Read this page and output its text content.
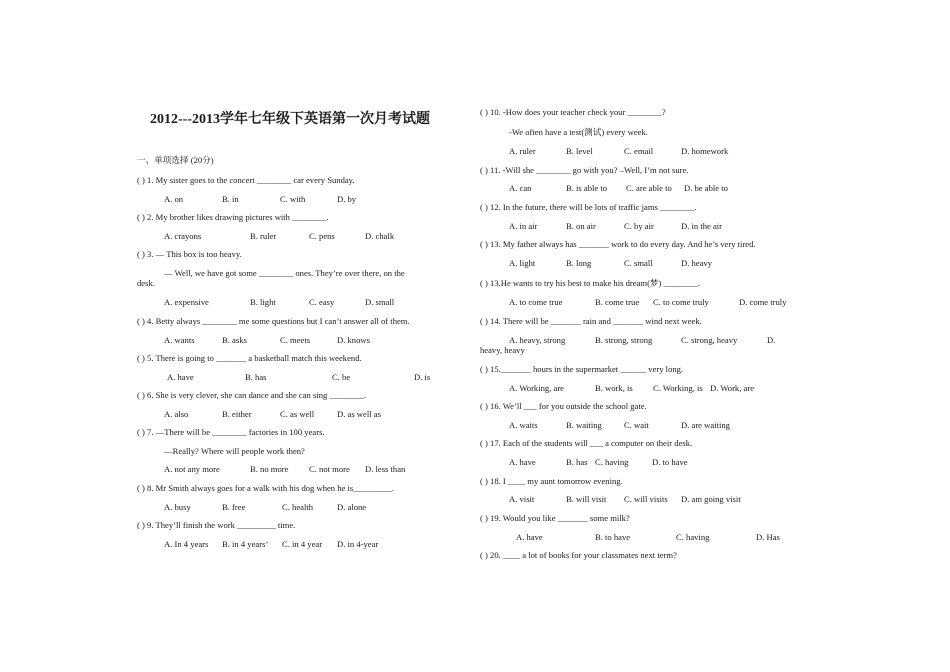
2012---2013学年七年级下英语第一次月考试题
一、单项选择 (20分)
( ) 1. My sister goes to the concert ________ car every Sunday.
A. on	B. in	C. with	D. by
( ) 2. My brother likes drawing pictures with ________.
A. crayons	B. ruler	C. pens	D. chalk
( ) 3. — This box is too heavy.
— Well, we have got some ________ ones. They’re over there, on the
desk.
A. expensive	B. light	C. easy	D. small
( ) 4. Betty always ________ me some questions but I can’t answer all of them.
A. wants	B. asks	C. meets	D. knows
( ) 5. There is going to _______ a basketball match this weekend.
A. have	B. has	C. be	D. is
( ) 6. She is very clever, she can dance and she can sing ________.
A. also	B. either	C. as well	D. as well as
( ) 7. —There will be ________ factories in 100 years.
—Really? Where will people work then?
A. not any more	B. no more C. not more D. less than
( ) 8. Mr Smith always goes for a walk with his dog when he is_________.
A. busy	B. free	C. health	D. alone
( ) 9. They’ll finish the work _________ time.
A. In 4 years B. in 4 years’ C. in 4 year D. in 4-year
( ) 10. -How does your teacher check your ________?
-We often have a test(测试) every week.
A. ruler	B. level	C. email	D. homework
( ) 11. -Will she ________ go with you? –Well, I’m not sure.
A. can	B. is able to C. are able to D. be able to
( ) 12. In the future, there will be lots of traffic jams ________.
A. in air	B. on air	C. by air	D. in the air
( ) 13. My father always has _______ work to do every day. And he’s very tired.
A. light	B. long	C. small	D. heavy
( ) 13.He wants to try his best to make his dream(梦) ________.
A. to come true	B. come true C. to come truly	D. come truly
( ) 14. There will be _______ rain and _______ wind next week.
A. heavy, strong	B. strong, strong	C. strong, heavy	D.
heavy, heavy
( ) 15._______ hours in the supermarket ______ very long.
A. Working, are	B. work, is C. Working, is D. Work, are
( ) 16. We’ll ___ for you outside the school gate.
A. waits	B. waiting	C. wait	D. are waiting
( ) 17. Each of the students will ___ a computer on their desk.
A. have	B. has C. having	D. to have
( ) 18. I ____ my aunt tomorrow evening.
A. visit	B. will visit C. will visits D. am going visit
( ) 19. Would you like _______ some milk?
A. have	B. to have	C. having	D. Has
( ) 20. ____ a lot of books for your classmates next term?
